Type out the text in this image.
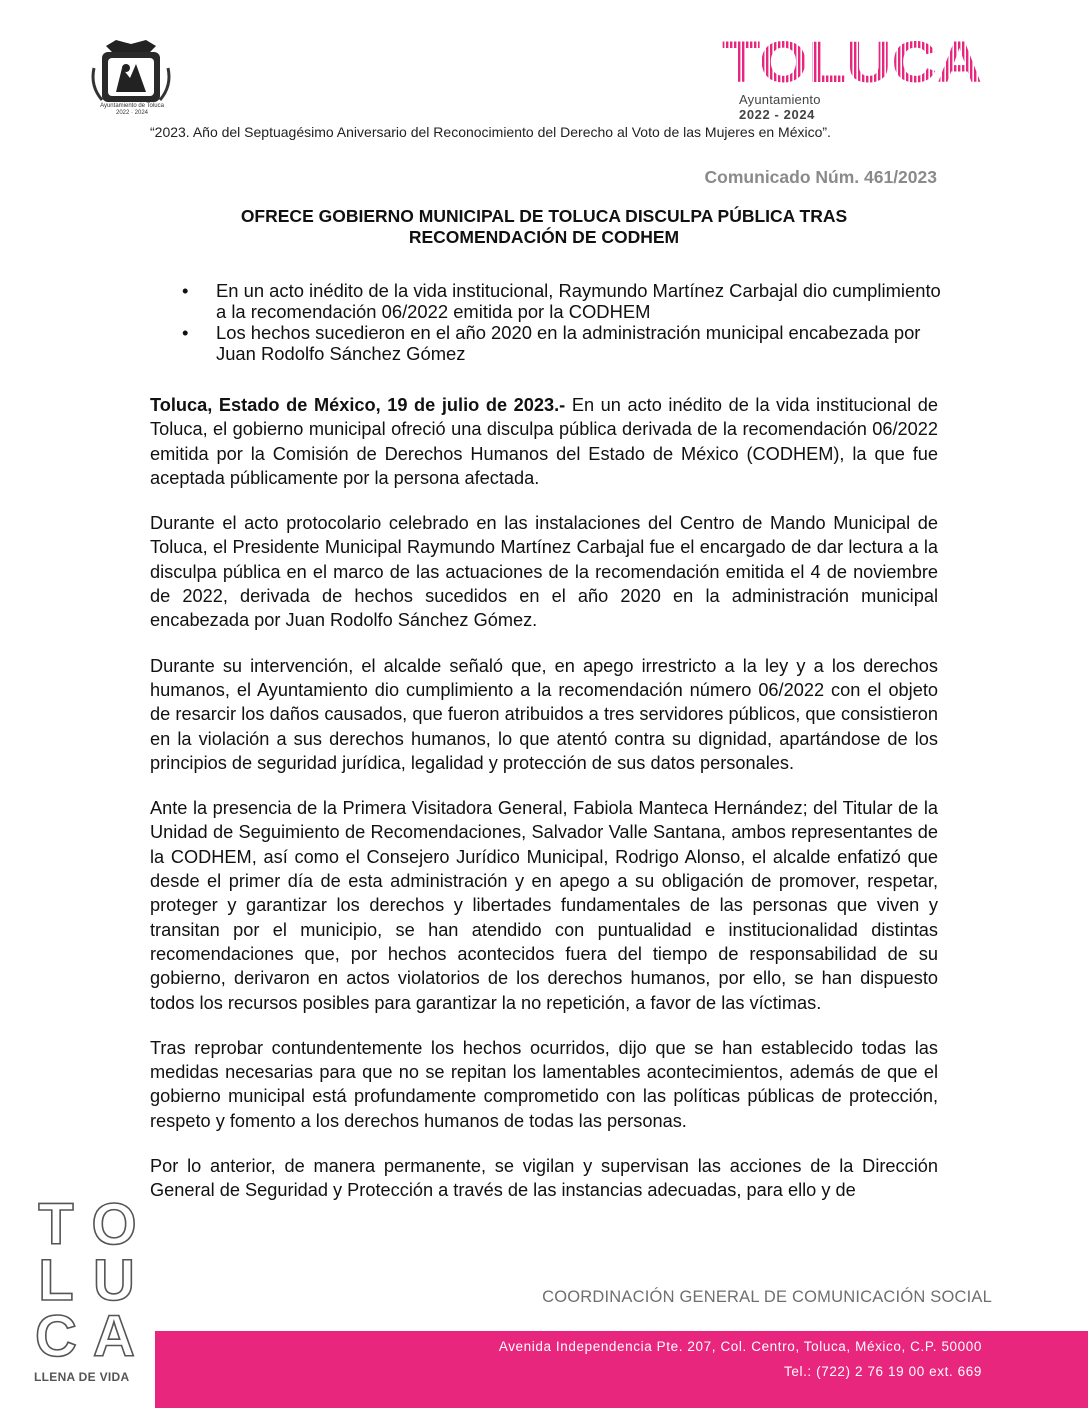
Ayuntamiento de Toluca
2022 · 2024
TOLUCA
Ayuntamiento
2022 - 2024
“2023. Año del Septuagésimo Aniversario del Reconocimiento del Derecho al Voto de las Mujeres en México”.
Comunicado Núm. 461/2023
OFRECE GOBIERNO MUNICIPAL DE TOLUCA DISCULPA PÚBLICA TRAS
RECOMENDACIÓN DE CODHEM
• En un acto inédito de la vida institucional, Raymundo Martínez Carbajal dio cumplimiento a la recomendación 06/2022 emitida por la CODHEM
• Los hechos sucedieron en el año 2020 en la administración municipal encabezada por Juan Rodolfo Sánchez Gómez

Toluca, Estado de México, 19 de julio de 2023.- En un acto inédito de la vida institucional de Toluca, el gobierno municipal ofreció una disculpa pública derivada de la recomendación 06/2022 emitida por la Comisión de Derechos Humanos del Estado de México (CODHEM), la que fue aceptada públicamente por la persona afectada.

Durante el acto protocolario celebrado en las instalaciones del Centro de Mando Municipal de Toluca, el Presidente Municipal Raymundo Martínez Carbajal fue el encargado de dar lectura a la disculpa pública en el marco de las actuaciones de la recomendación emitida el 4 de noviembre de 2022, derivada de hechos sucedidos en el año 2020 en la administración municipal encabezada por Juan Rodolfo Sánchez Gómez.

Durante su intervención, el alcalde señaló que, en apego irrestricto a la ley y a los derechos humanos, el Ayuntamiento dio cumplimiento a la recomendación número 06/2022 con el objeto de resarcir los daños causados, que fueron atribuidos a tres servidores públicos, que consistieron en la violación a sus derechos humanos, lo que atentó contra su dignidad, apartándose de los principios de seguridad jurídica, legalidad y protección de sus datos personales.

Ante la presencia de la Primera Visitadora General, Fabiola Manteca Hernández; del Titular de la Unidad de Seguimiento de Recomendaciones, Salvador Valle Santana, ambos representantes de la CODHEM, así como el Consejero Jurídico Municipal, Rodrigo Alonso, el alcalde enfatizó que desde el primer día de esta administración y en apego a su obligación de promover, respetar, proteger y garantizar los derechos y libertades fundamentales de las personas que viven y transitan por el municipio, se han atendido con puntualidad e institucionalidad distintas recomendaciones que, por hechos acontecidos fuera del tiempo de responsabilidad de su gobierno, derivaron en actos violatorios de los derechos humanos, por ello, se han dispuesto todos los recursos posibles para garantizar la no repetición, a favor de las víctimas.

Tras reprobar contundentemente los hechos ocurridos, dijo que se han establecido todas las medidas necesarias para que no se repitan los lamentables acontecimientos, además de que el gobierno municipal está profundamente comprometido con las políticas públicas de protección, respeto y fomento a los derechos humanos de todas las personas.

Por lo anterior, de manera permanente, se vigilan y supervisan las acciones de la Dirección General de Seguridad y Protección a través de las instancias adecuadas, para ello y de

T O
L U
C A
LLENA DE VIDA
COORDINACIÓN GENERAL DE COMUNICACIÓN SOCIAL
Avenida Independencia Pte. 207, Col. Centro, Toluca, México, C.P. 50000
Tel.: (722) 2 76 19 00 ext. 669
